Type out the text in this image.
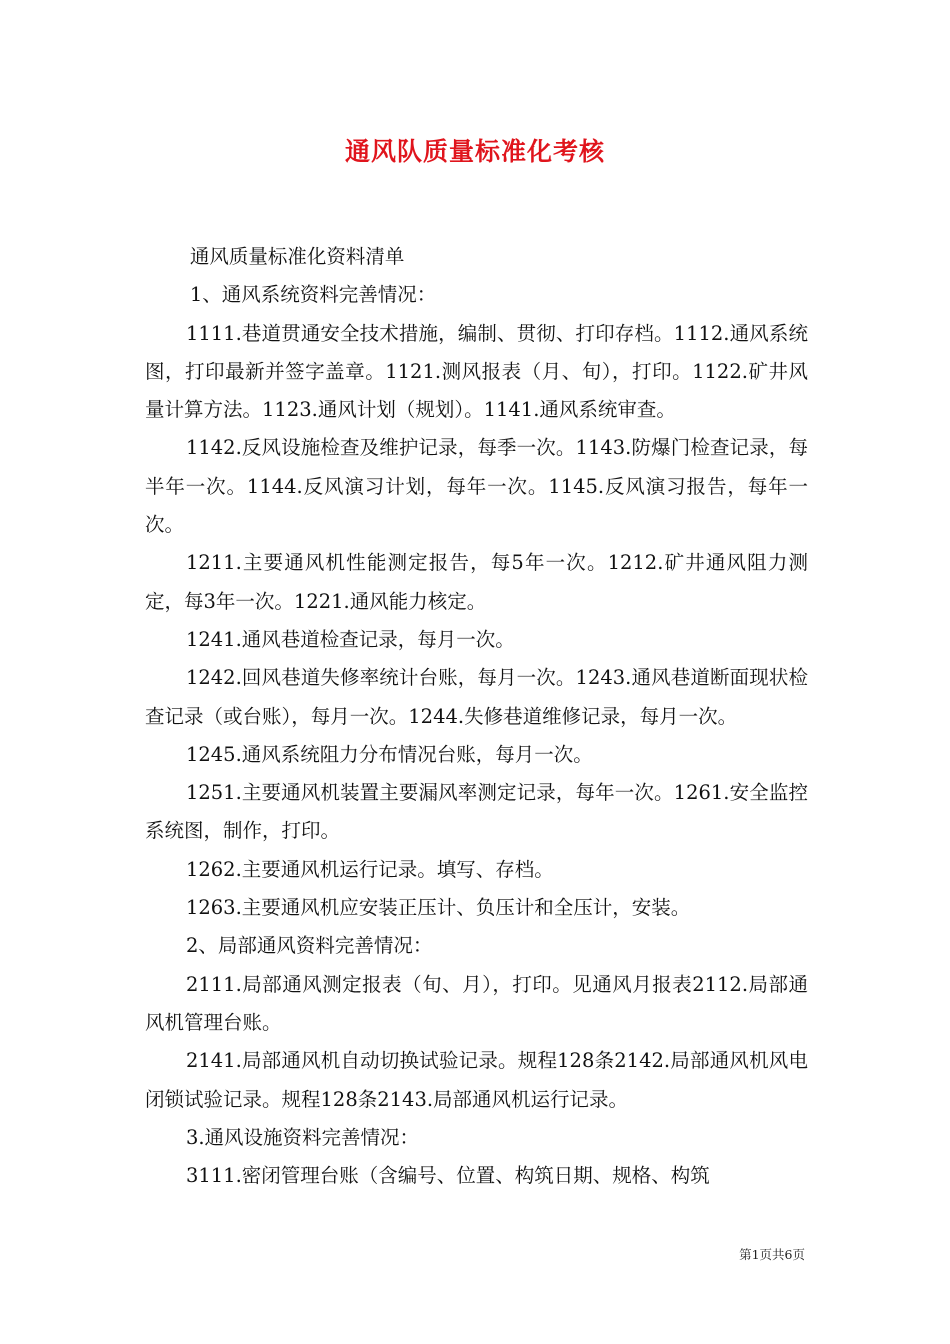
通风队质量标准化考核

通风质量标准化资料清单

1、通风系统资料完善情况：

1111.巷道贯通安全技术措施，编制、贯彻、打印存档。1112.通风系统图，打印最新并签字盖章。1121.测风报表（月、旬），打印。1122.矿井风量计算方法。1123.通风计划（规划）。1141.通风系统审查。

1142.反风设施检查及维护记录，每季一次。1143.防爆门检查记录，每半年一次。1144.反风演习计划，每年一次。1145.反风演习报告，每年一次。

1211.主要通风机性能测定报告，每5年一次。1212.矿井通风阻力测定，每3年一次。1221.通风能力核定。

1241.通风巷道检查记录，每月一次。

1242.回风巷道失修率统计台账，每月一次。1243.通风巷道断面现状检查记录（或台账），每月一次。1244.失修巷道维修记录，每月一次。

1245.通风系统阻力分布情况台账，每月一次。

1251.主要通风机装置主要漏风率测定记录，每年一次。1261.安全监控系统图，制作，打印。

1262.主要通风机运行记录。填写、存档。

1263.主要通风机应安装正压计、负压计和全压计，安装。

2、局部通风资料完善情况：

2111.局部通风测定报表（旬、月），打印。见通风月报表2112.局部通风机管理台账。

2141.局部通风机自动切换试验记录。规程128条2142.局部通风机风电闭锁试验记录。规程128条2143.局部通风机运行记录。

3.通风设施资料完善情况：

3111.密闭管理台账（含编号、位置、构筑日期、规格、构筑

第1页共6页
